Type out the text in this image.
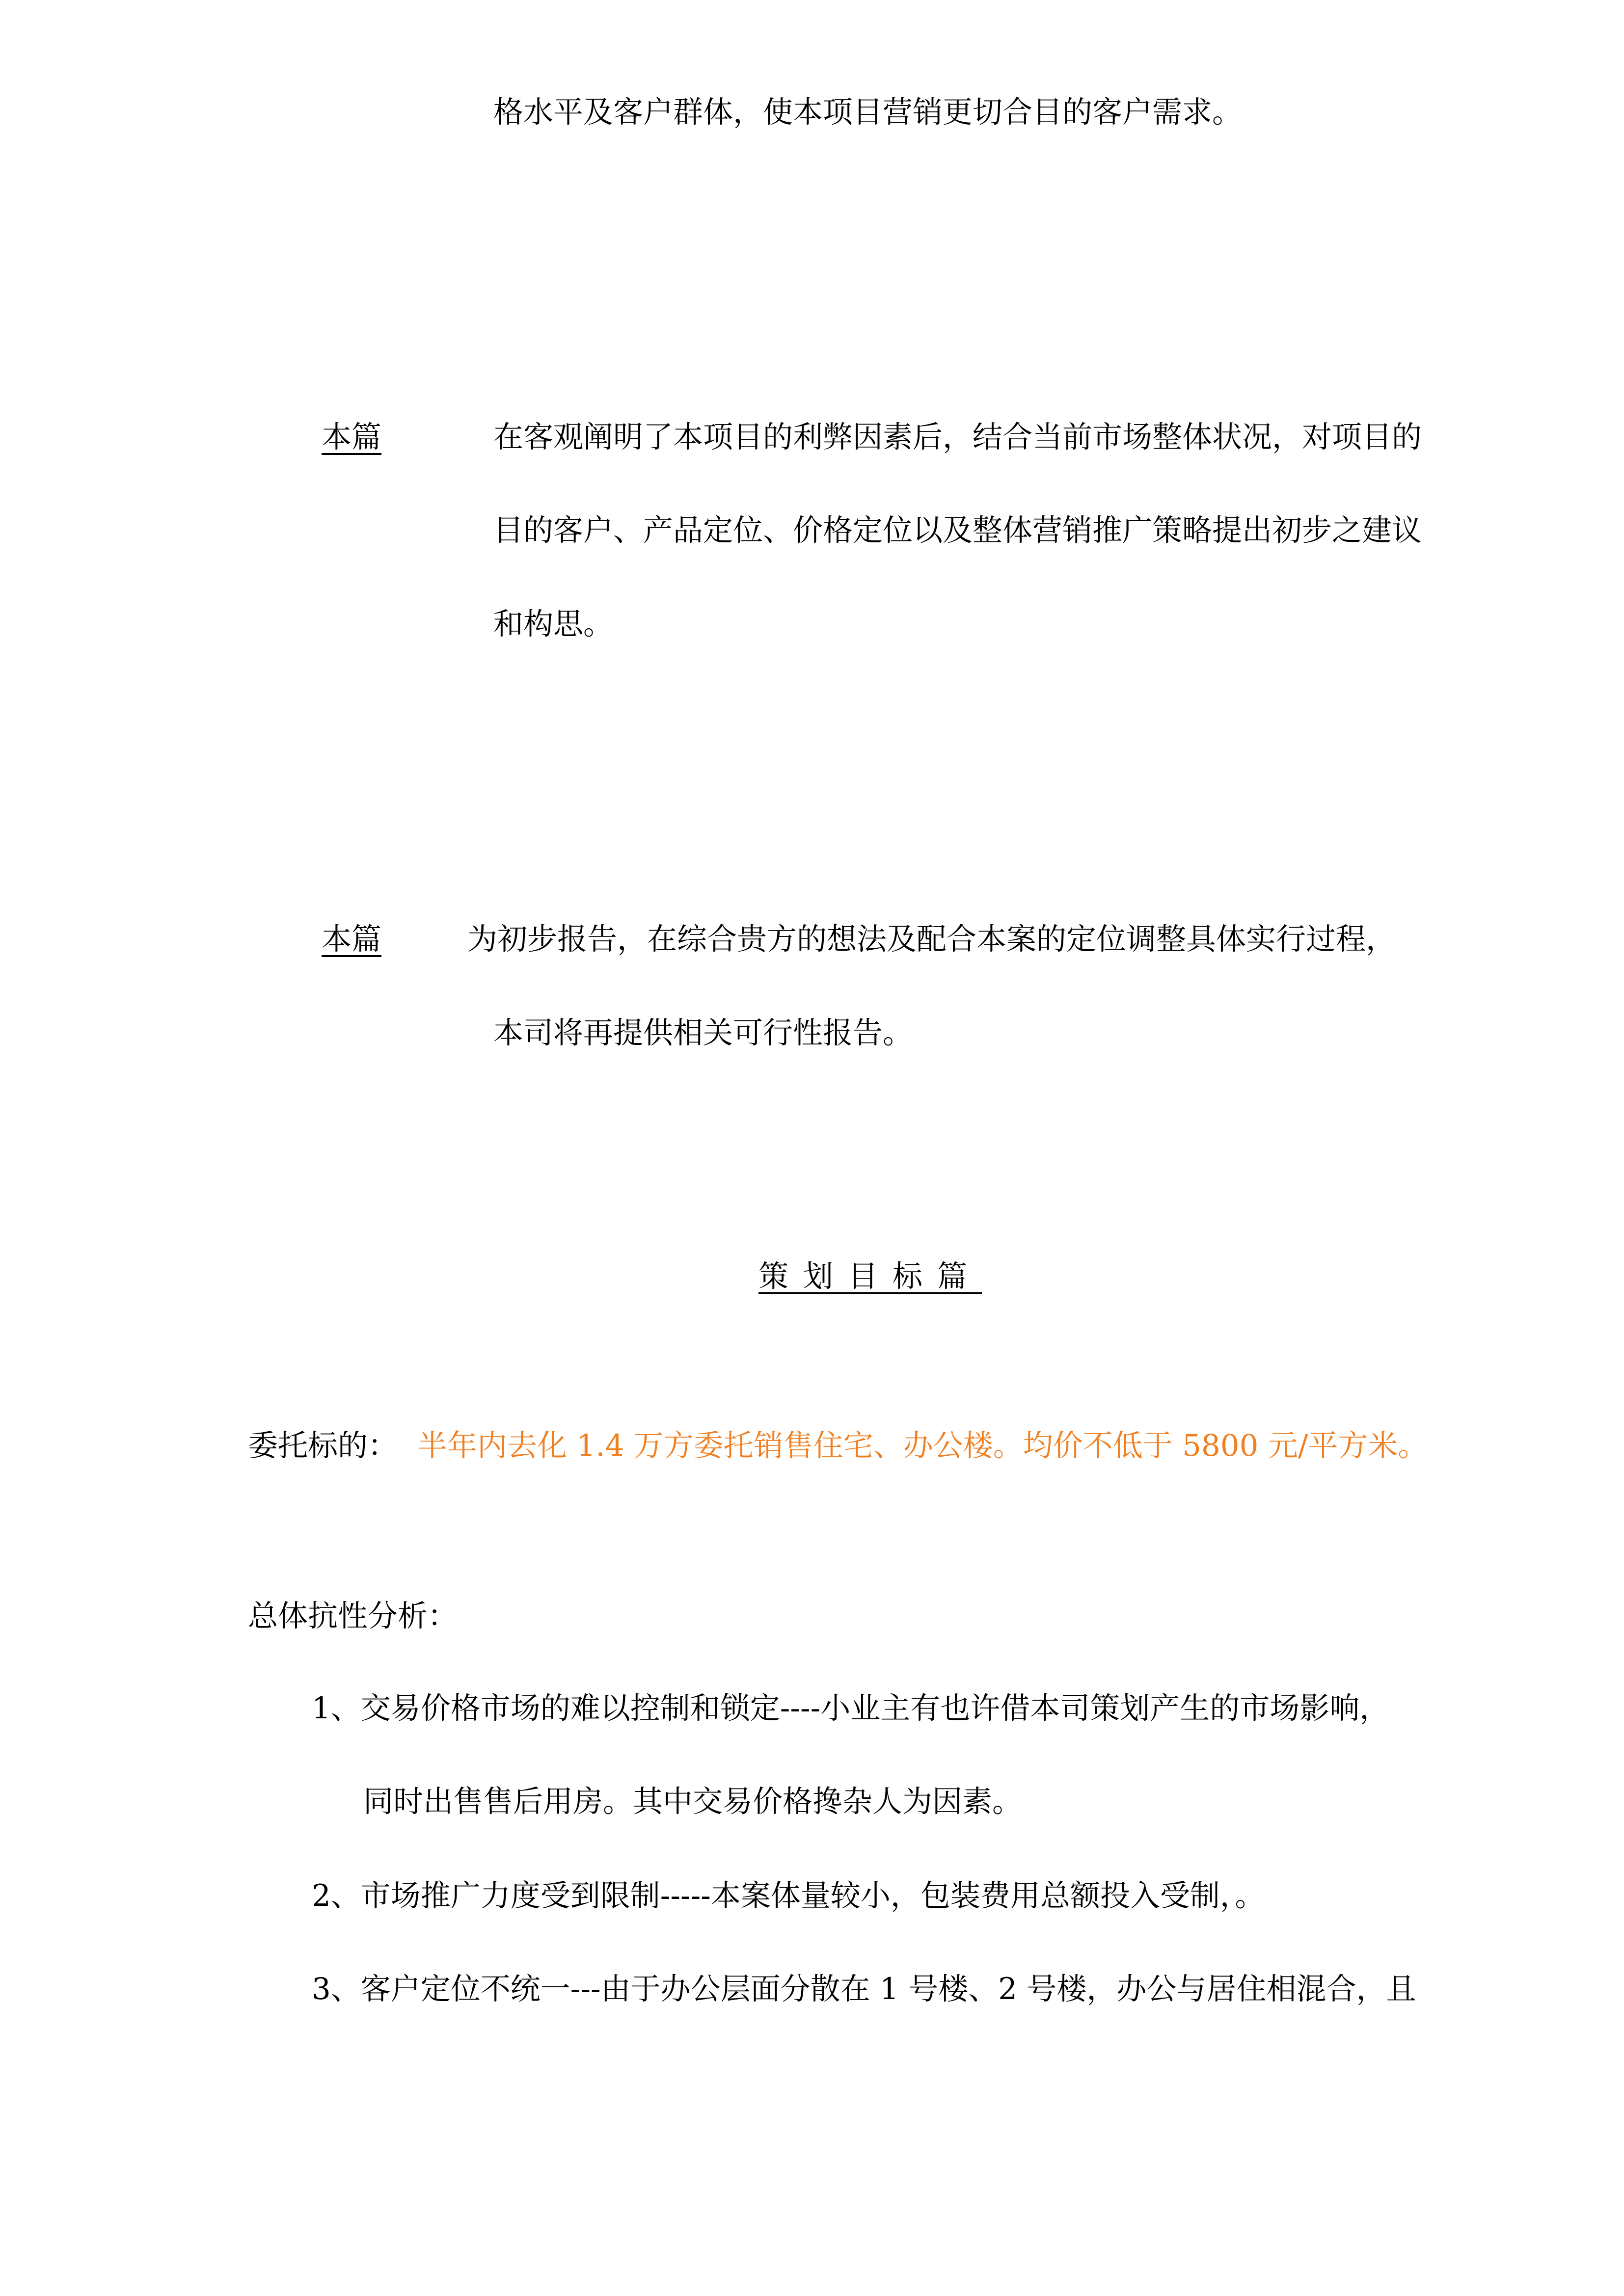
格水平及客户群体，使本项目营销更切合目的客户需求。
本篇	在客观阐明了本项目的利弊因素后，结合当前市场整体状况，对项目的
目的客户、产品定位、价格定位以及整体营销推广策略提出初步之建议
和构思。
本篇	为初步报告，在综合贵方的想法及配合本案的定位调整具体实行过程，
本司将再提供相关可行性报告。
策划目标篇
委托标的： 半年内去化 1.4 万方委托销售住宅、办公楼。均价不低于 5800 元/平方米。
总体抗性分析：
1、交易价格市场的难以控制和锁定----小业主有也许借本司策划产生的市场影响，
同时出售售后用房。其中交易价格搀杂人为因素。
2、市场推广力度受到限制-----本案体量较小，包装费用总额投入受制，。
3、客户定位不统一---由于办公层面分散在 1 号楼、2 号楼，办公与居住相混合，且
